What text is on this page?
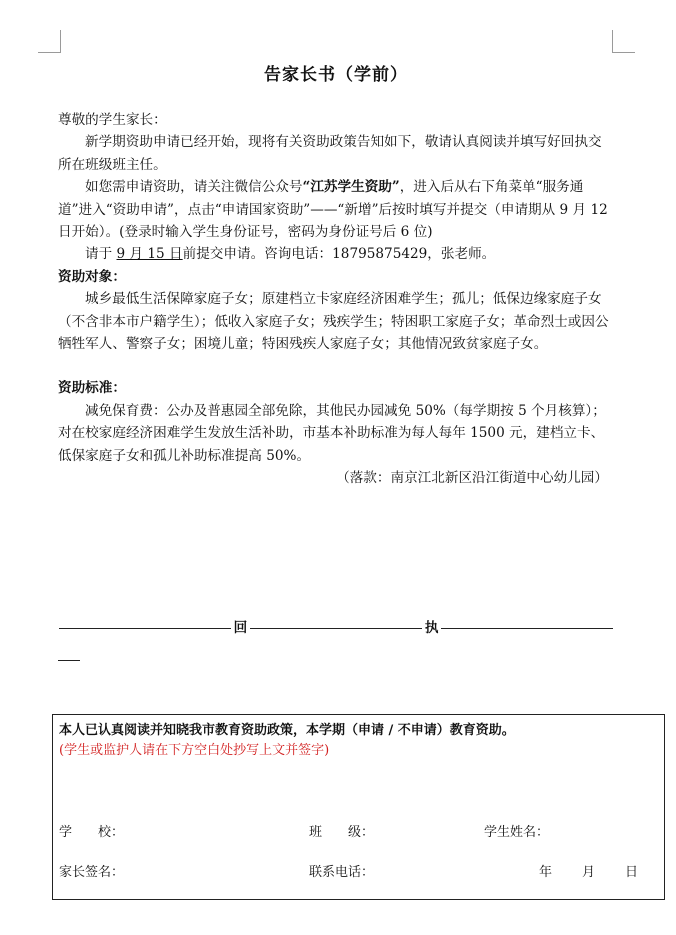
告家长书（学前）

尊敬的学生家长：

新学期资助申请已经开始，现将有关资助政策告知如下，敬请认真阅读并填写好回执交所在班级班主任。

如您需申请资助，请关注微信公众号“江苏学生资助”，进入后从右下角菜单“服务通道”进入“资助申请”，点击“申请国家资助”——“新增”后按时填写并提交（申请期从 9 月 12 日开始）。(登录时输入学生身份证号，密码为身份证号后 6 位)

请于 9 月 15 日前提交申请。咨询电话：18795875429，张老师。

资助对象：

城乡最低生活保障家庭子女；原建档立卡家庭经济困难学生；孤儿；低保边缘家庭子女（不含非本市户籍学生）；低收入家庭子女；残疾学生；特困职工家庭子女；革命烈士或因公牺牲军人、警察子女；困境儿童；特困残疾人家庭子女；其他情况致贫家庭子女。

资助标准：

减免保育费：公办及普惠园全部免除，其他民办园减免 50%（每学期按 5 个月核算）；对在校家庭经济困难学生发放生活补助，市基本补助标准为每人每年 1500 元，建档立卡、低保家庭子女和孤儿补助标准提高 50%。

（落款：南京江北新区沿江街道中心幼儿园）

回	执
本人已认真阅读并知晓我市教育资助政策，本学期（申请 / 不申请）教育资助。
(学生或监护人请在下方空白处抄写上文并签字)
学　　校：	班　　级：	学生姓名：
家长签名：	联系电话：	年 月 日
